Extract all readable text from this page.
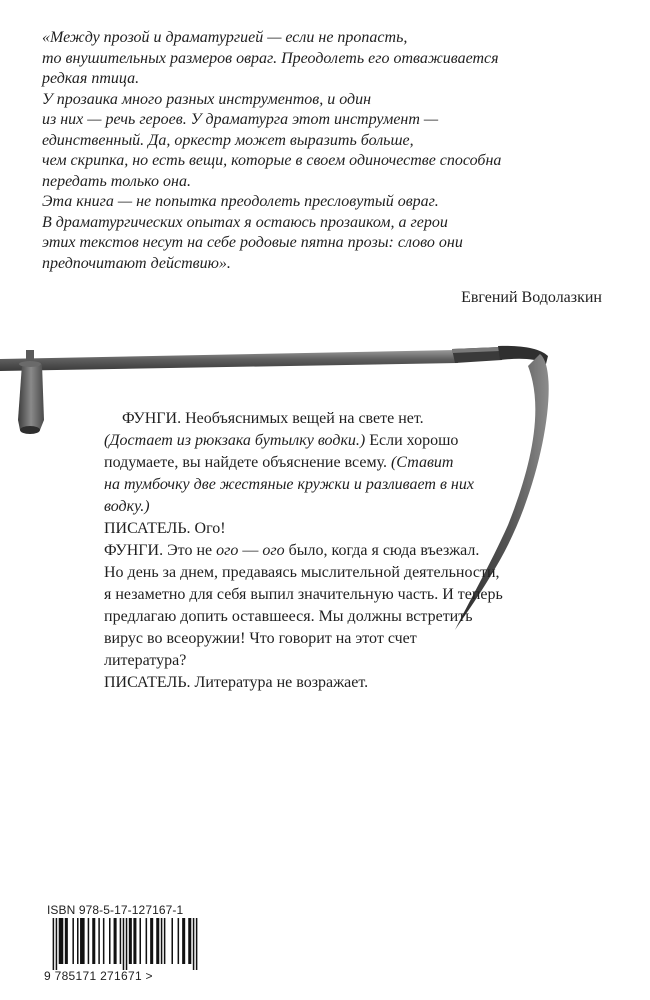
«Между прозой и драматургией — если не пропасть,
то внушительных размеров овраг. Преодолеть его отваживается
редкая птица.
У прозаика много разных инструментов, и один
из них — речь героев. У драматурга этот инструмент —
единственный. Да, оркестр может выразить больше,
чем скрипка, но есть вещи, которые в своем одиночестве способна
передать только она.
Эта книга — не попытка преодолеть пресловутый овраг.
В драматургических опытах я остаюсь прозаиком, а герои
этих текстов несут на себе родовые пятна прозы: слово они
предпочитают действию».

Евгений Водолазкин

ФУНГИ. Необъяснимых вещей на свете нет.
(Достает из рюкзака бутылку водки.) Если хорошо
подумаете, вы найдете объяснение всему. (Ставит
на тумбочку две жестяные кружки и разливает в них водку.)
ПИСАТЕЛЬ. Ого!
ФУНГИ. Это не ого — ого было, когда я сюда въезжал.
Но день за днем, предаваясь мыслительной деятельности,
я незаметно для себя выпил значительную часть. И теперь
предлагаю допить оставшееся. Мы должны встретить
вирус во всеоружии! Что говорит на этот счет
литература?
ПИСАТЕЛЬ. Литература не возражает.

ISBN 978-5-17-127167-1

9 785171 271671 >
